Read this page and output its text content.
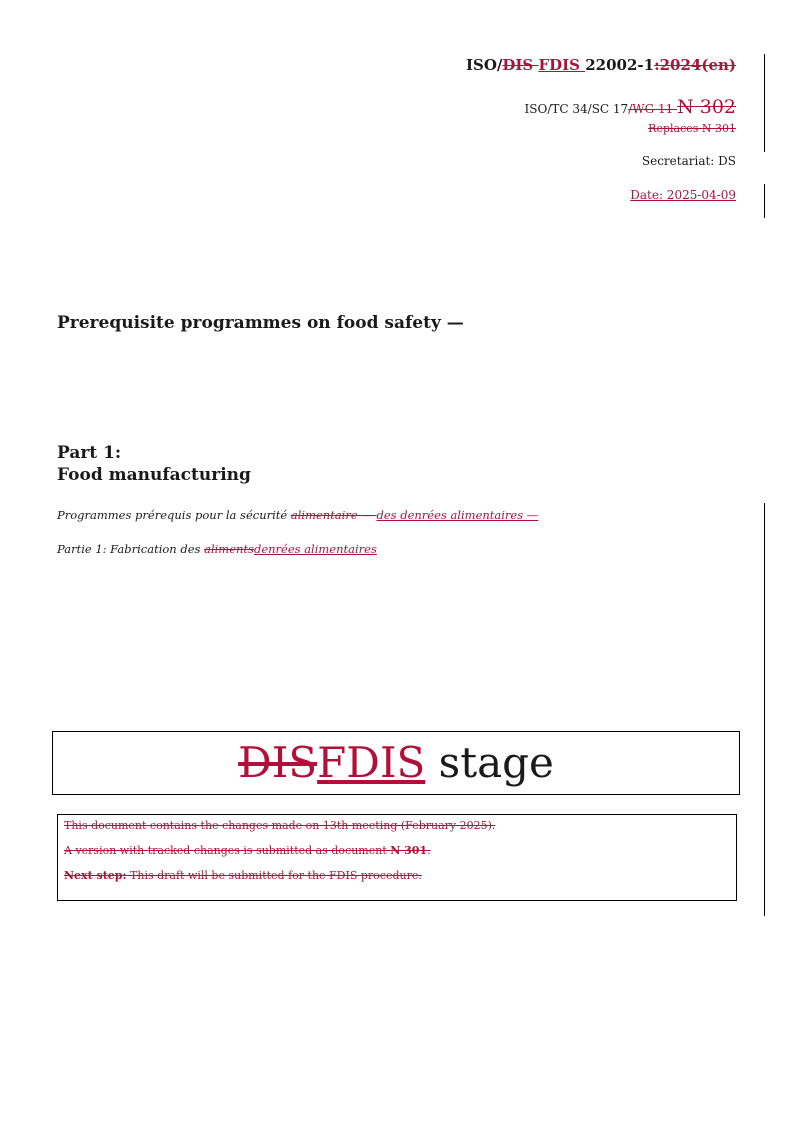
ISO/DIS FDIS 22002-1:2024(en)
ISO/TC 34/SC 17/WG 11 N 302
Replaces N 301
Secretariat: DS
Date: 2025-04-09
Prerequisite programmes on food safety —
Part 1:
Food manufacturing
Programmes prérequis pour la sécurité alimentaire — des denrées alimentaires —
Partie 1: Fabrication des alimentsdenrées alimentaires
DIS FDIS stage

This document contains the changes made on 13th meeting (February 2025).

A version with tracked changes is submitted as document N 301.

Next step: This draft will be submitted for the FDIS procedure.
